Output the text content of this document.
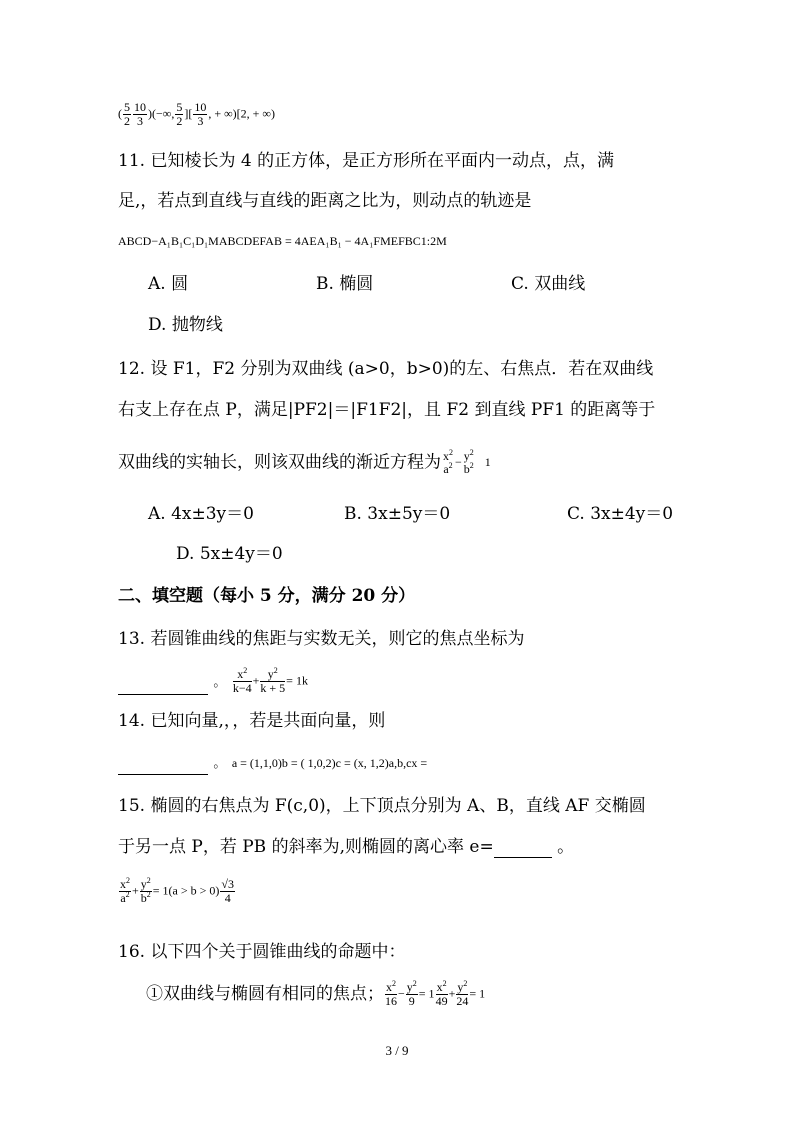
( $\frac{5}{2} \frac{10}{3}$ )(−∞, $\frac{5}{2}$ ][ $\frac{10}{3}$ , + ∞)[2, + ∞)
11. 已知棱长为 4 的正方体，是正方形所在平面内一动点，点，满
足,，若点到直线与直线的距离之比为，则动点的轨迹是
ABCD−A₁B₁C₁D₁MABCDEFAB = 4AEA₁B₁ − 4A₁FMEFBC1:2M
A. 圆	B. 椭圆	C. 双曲线
D. 抛物线
12. 设 F1，F2 分别为双曲线 (a>0，b>0)的左、右焦点．若在双曲线
右支上存在点 P，满足|PF2|＝|F1F2|，且 F2 到直线 PF1 的距离等于
双曲线的实轴长，则该双曲线的渐近方程为 $x^2$
$a^2 - y^2$
$b^2$ 1
A. 4x±3y＝0	B. 3x±5y＝0	C. 3x±4y＝0
D. 5x±4y＝0
二、填空题（每小 5 分，满分 20 分）
13. 若圆锥曲线的焦距与实数无关，则它的焦点坐标为
。 $\frac{x^2}{k-4} + \frac{y^2}{k + 5} = 1k$
14. 已知向量,，，若是共面向量，则
。 a = (1,1,0)b = ( 1,0,2)c = (x, 1,2)a,b,cx =
15. 椭圆的右焦点为 F(c,0)，上下顶点分别为 A、B，直线 AF 交椭圆
于另一点 P，若 PB 的斜率为,则椭圆的离心率 e=	。
$\frac{x^2}{a^2} + \frac{y^2}{b^2} = 1(a > b > 0) \frac{√3}{4}$
16. 以下四个关于圆锥曲线的命题中：
①双曲线与椭圆有相同的焦点； $\frac{x^2}{16} - \frac{y^2}{9} = 1 \frac{x^2}{49} + \frac{y^2}{24} = 1$
3 / 9
